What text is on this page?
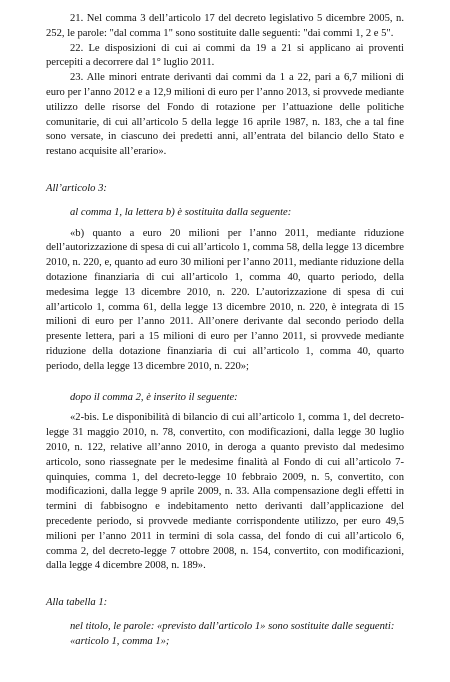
21. Nel comma 3 dell’articolo 17 del decreto legislativo 5 dicembre 2005, n. 252, le parole: "dal comma 1" sono sostituite dalle seguenti: "dai commi 1, 2 e 5".

22. Le disposizioni di cui ai commi da 19 a 21 si applicano ai proventi percepiti a decorrere dal 1° luglio 2011.

23. Alle minori entrate derivanti dai commi da 1 a 22, pari a 6,7 milioni di euro per l’anno 2012 e a 12,9 milioni di euro per l’anno 2013, si provvede mediante utilizzo delle risorse del Fondo di rotazione per l’attuazione delle politiche comunitarie, di cui all’articolo 5 della legge 16 aprile 1987, n. 183, che a tal fine sono versate, in ciascuno dei predetti anni, all’entrata del bilancio dello Stato e restano acquisite all’erario».

All’articolo 3:

al comma 1, la lettera b) è sostituita dalla seguente:

«b) quanto a euro 20 milioni per l’anno 2011, mediante riduzione dell’autorizzazione di spesa di cui all’articolo 1, comma 58, della legge 13 dicembre 2010, n. 220, e, quanto ad euro 30 milioni per l’anno 2011, mediante riduzione della dotazione finanziaria di cui all’articolo 1, comma 40, quarto periodo, della medesima legge 13 dicembre 2010, n. 220. L’autorizzazione di spesa di cui all’articolo 1, comma 61, della legge 13 dicembre 2010, n. 220, è integrata di 15 milioni di euro per l’anno 2011. All’onere derivante dal secondo periodo della presente lettera, pari a 15 milioni di euro per l’anno 2011, si provvede mediante riduzione della dotazione finanziaria di cui all’articolo 1, comma 40, quarto periodo, della legge 13 dicembre 2010, n. 220»;

dopo il comma 2, è inserito il seguente:

«2-bis. Le disponibilità di bilancio di cui all’articolo 1, comma 1, del decreto-legge 31 maggio 2010, n. 78, convertito, con modificazioni, dalla legge 30 luglio 2010, n. 122, relative all’anno 2010, in deroga a quanto previsto dal medesimo articolo, sono riassegnate per le medesime finalità al Fondo di cui all’articolo 7-quinquies, comma 1, del decreto-legge 10 febbraio 2009, n. 5, convertito, con modificazioni, dalla legge 9 aprile 2009, n. 33. Alla compensazione degli effetti in termini di fabbisogno e indebitamento netto derivanti dall’applicazione del precedente periodo, si provvede mediante corrispondente utilizzo, per euro 49,5 milioni per l’anno 2011 in termini di sola cassa, del fondo di cui all’articolo 6, comma 2, del decreto-legge 7 ottobre 2008, n. 154, convertito, con modificazioni, dalla legge 4 dicembre 2008, n. 189».

Alla tabella 1:

nel titolo, le parole: «previsto dall’articolo 1» sono sostituite dalle seguenti: «articolo 1, comma 1»;
